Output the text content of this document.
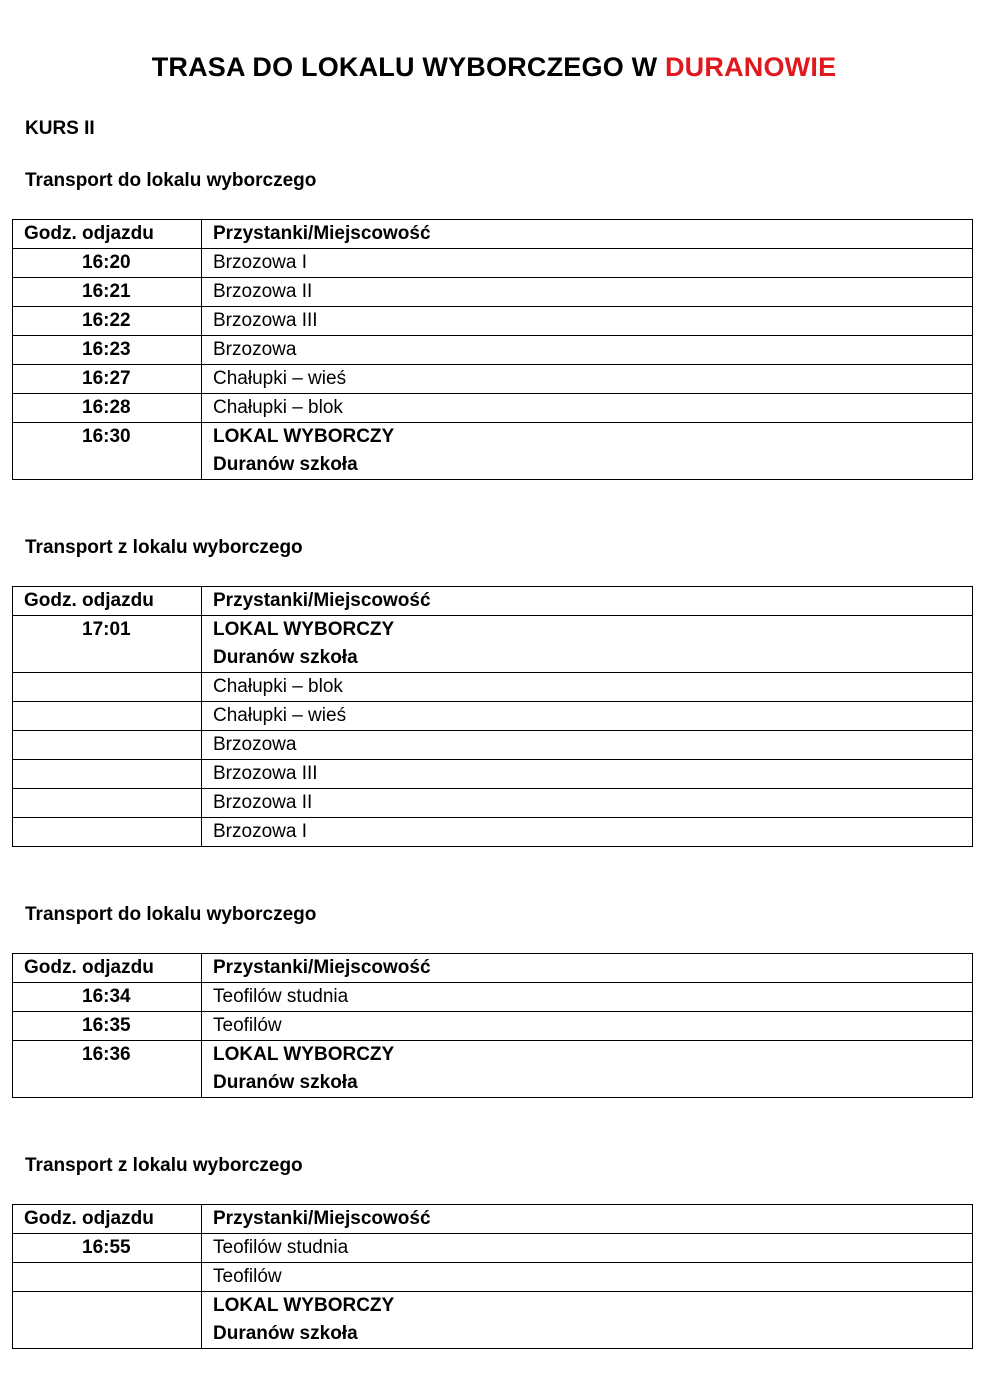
TRASA DO LOKALU WYBORCZEGO W DURANOWIE
KURS II
Transport do lokalu wyborczego
Godz. odjazdu	Przystanki/Miejscowość
16:20	Brzozowa I

16:21	Brzozowa II

16:22	Brzozowa III

16:23	Brzozowa

16:27	Chałupki – wieś

16:28	Chałupki – blok

16:30	LOKAL WYBORCZY
Duranów szkoła
Transport z lokalu wyborczego
Godz. odjazdu	Przystanki/Miejscowość
17:01	LOKAL WYBORCZY
Duranów szkoła

	Chałupki – blok

	Chałupki – wieś

	Brzozowa

	Brzozowa III

	Brzozowa II

	Brzozowa I
Transport do lokalu wyborczego
Godz. odjazdu	Przystanki/Miejscowość
16:34	Teofilów studnia

16:35	Teofilów

16:36	LOKAL WYBORCZY
Duranów szkoła
Transport z lokalu wyborczego
Godz. odjazdu	Przystanki/Miejscowość
16:55	Teofilów studnia

	Teofilów

	LOKAL WYBORCZY
Duranów szkoła
